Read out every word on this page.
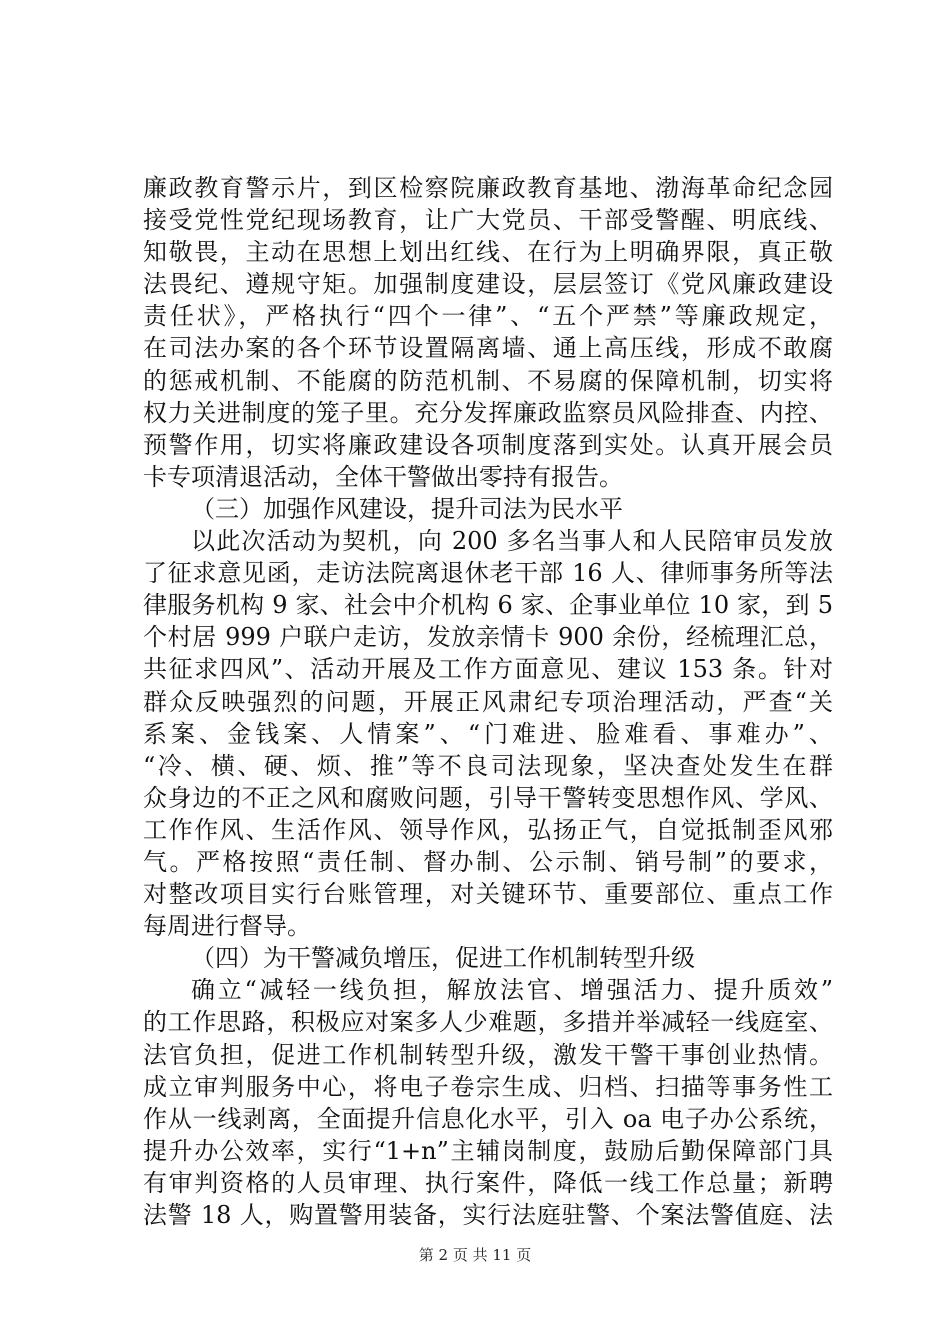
廉政教育警示片，到区检察院廉政教育基地、渤海革命纪念园
接受党性党纪现场教育，让广大党员、干部受警醒、明底线、
知敬畏，主动在思想上划出红线、在行为上明确界限，真正敬
法畏纪、遵规守矩。加强制度建设，层层签订《党风廉政建设
责任状》，严格执行“四个一律”、“五个严禁”等廉政规定，
在司法办案的各个环节设置隔离墙、通上高压线，形成不敢腐
的惩戒机制、不能腐的防范机制、不易腐的保障机制，切实将
权力关进制度的笼子里。充分发挥廉政监察员风险排查、内控、
预警作用，切实将廉政建设各项制度落到实处。认真开展会员
卡专项清退活动，全体干警做出零持有报告。
（三）加强作风建设，提升司法为民水平
以此次活动为契机，向 200 多名当事人和人民陪审员发放
了征求意见函，走访法院离退休老干部 16 人、律师事务所等法
律服务机构 9 家、社会中介机构 6 家、企事业单位 10 家，到 5
个村居 999 户联户走访，发放亲情卡 900 余份，经梳理汇总，
共征求四风”、活动开展及工作方面意见、建议 153 条。针对
群众反映强烈的问题，开展正风肃纪专项治理活动，严查“关
系案、金钱案、人情案”、“门难进、脸难看、事难办”、
“冷、横、硬、烦、推”等不良司法现象，坚决查处发生在群
众身边的不正之风和腐败问题，引导干警转变思想作风、学风、
工作作风、生活作风、领导作风，弘扬正气，自觉抵制歪风邪
气。严格按照“责任制、督办制、公示制、销号制”的要求，
对整改项目实行台账管理，对关键环节、重要部位、重点工作
每周进行督导。
（四）为干警减负增压，促进工作机制转型升级
确立“减轻一线负担，解放法官、增强活力、提升质效”
的工作思路，积极应对案多人少难题，多措并举减轻一线庭室、
法官负担，促进工作机制转型升级，激发干警干事创业热情。
成立审判服务中心，将电子卷宗生成、归档、扫描等事务性工
作从一线剥离，全面提升信息化水平，引入 oa 电子办公系统，
提升办公效率，实行“1+n”主辅岗制度，鼓励后勤保障部门具
有审判资格的人员审理、执行案件，降低一线工作总量；新聘
法警 18 人，购置警用装备，实行法庭驻警、个案法警值庭、法
第 2 页 共 11 页
